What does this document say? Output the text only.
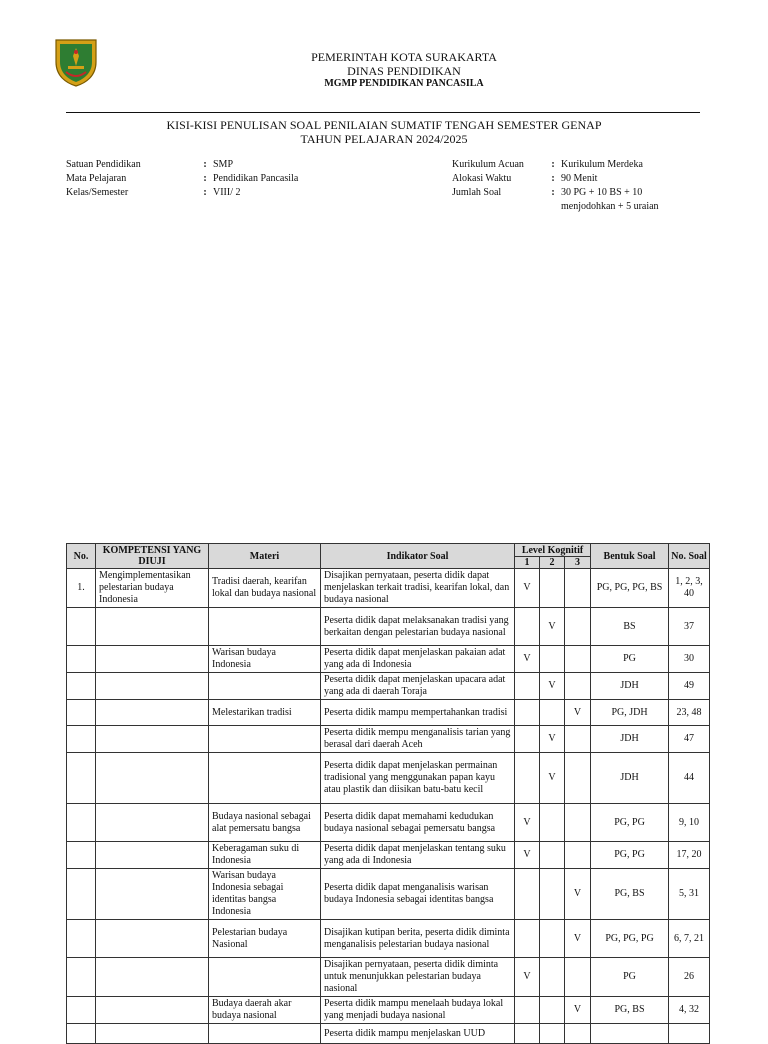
PEMERINTAH KOTA SURAKARTA
DINAS PENDIDIKAN
MGMP PENDIDIKAN PANCASILA
KISI-KISI PENULISAN SOAL PENILAIAN SUMATIF TENGAH SEMESTER GENAP
TAHUN PELAJARAN 2024/2025
Satuan Pendidikan	: SMP
Mata Pelajaran	: Pendidikan Pancasila
Kelas/Semester	: VIII/ 2
Kurikulum Acuan	: Kurikulum Merdeka
Alokasi Waktu	: 90 Menit
Jumlah Soal	: 30 PG + 10 BS + 10 menjodohkan + 5 uraian
No.	KOMPETENSI YANG DIUJI	Materi	Indikator Soal	Level Kognitif			Bentuk Soal	No. Soal
				1	2	3		
1.	Mengimplementasikan pelestarian budaya Indonesia	Tradisi daerah, kearifan lokal dan budaya nasional	Disajikan pernyataan, peserta didik dapat menjelaskan terkait tradisi, kearifan lokal, dan budaya nasional	V			PG, PG, PG, BS	1, 2, 3, 40
			Peserta didik dapat melaksanakan tradisi yang berkaitan dengan pelestarian budaya nasional		V		BS	37
		Warisan budaya Indonesia	Peserta didik dapat menjelaskan pakaian adat yang ada di Indonesia	V			PG	30
			Peserta didik dapat menjelaskan upacara adat yang ada di daerah Toraja		V		JDH	49
		Melestarikan tradisi	Peserta didik mampu mempertahankan tradisi			V	PG, JDH	23, 48
			Peserta didik mempu menganalisis tarian yang berasal dari daerah Aceh		V		JDH	47
			Peserta didik dapat menjelaskan permainan tradisional yang menggunakan papan kayu atau plastik dan diisikan batu-batu kecil		V		JDH	44
		Budaya nasional sebagai alat pemersatu bangsa	Peserta didik dapat memahami kedudukan budaya nasional sebagai pemersatu bangsa	V			PG, PG	9, 10
		Keberagaman suku di Indonesia	Peserta didik dapat menjelaskan tentang suku yang ada di Indonesia	V			PG, PG	17, 20
		Warisan budaya Indonesia sebagai identitas bangsa Indonesia	Peserta didik dapat menganalisis warisan budaya Indonesia sebagai identitas bangsa			V	PG, BS	5, 31
		Pelestarian budaya Nasional	Disajikan kutipan berita, peserta didik diminta menganalisis pelestarian budaya nasional			V	PG, PG, PG	6, 7, 21
			Disajikan pernyataan, peserta didik diminta untuk menunjukkan pelestarian budaya nasional	V			PG	26
		Budaya daerah akar budaya nasional	Peserta didik mampu menelaah budaya lokal yang menjadi budaya nasional			V	PG, BS	4, 32
			Peserta didik mampu menjelaskan UUD					
